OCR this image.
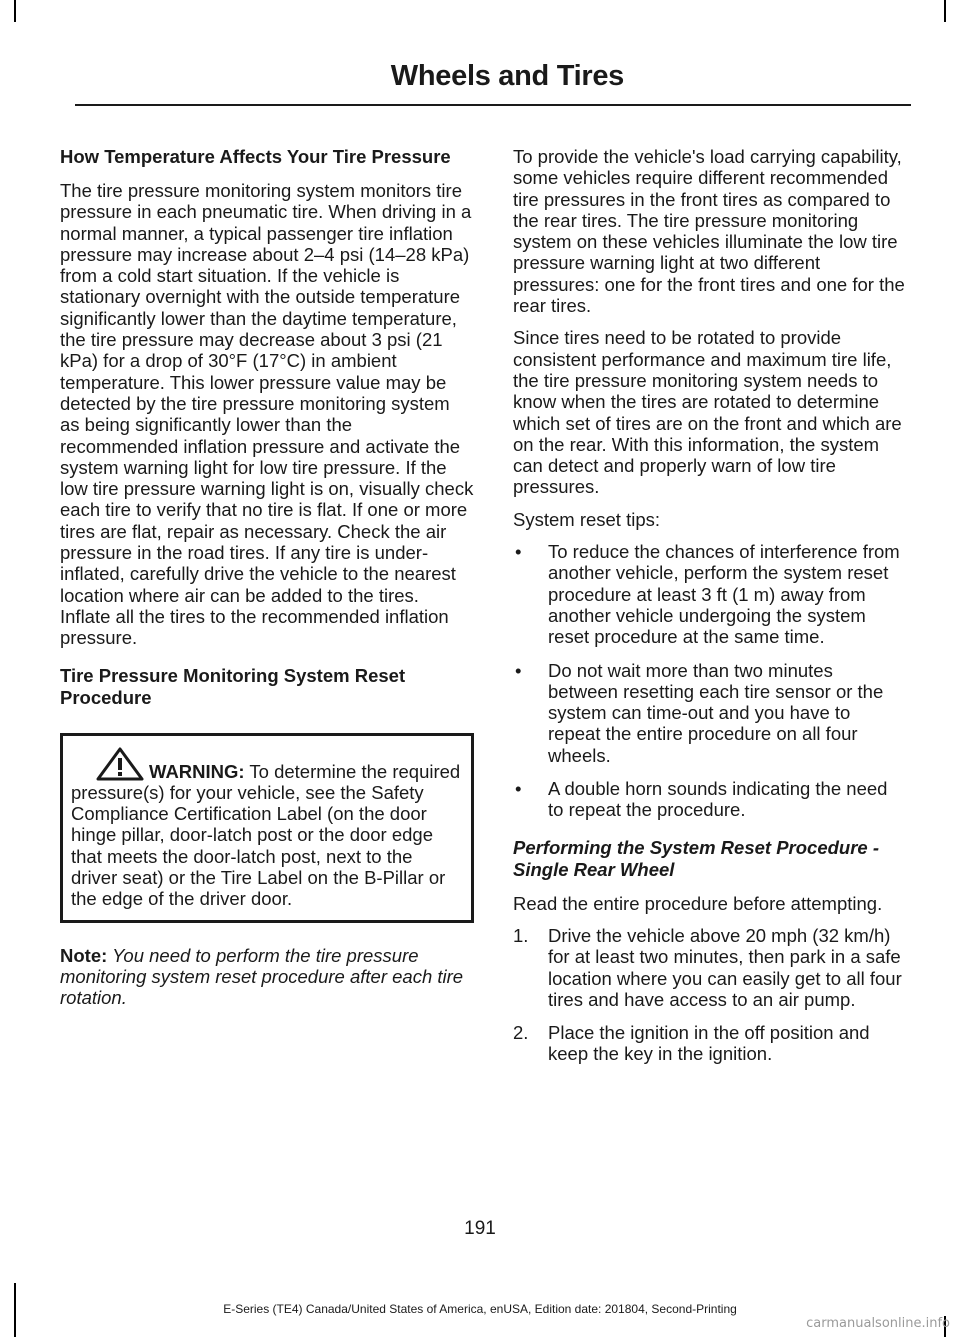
Wheels and Tires
How Temperature Affects Your Tire Pressure
The tire pressure monitoring system monitors tire pressure in each pneumatic tire. When driving in a normal manner, a typical passenger tire inflation pressure may increase about 2–4 psi (14–28 kPa) from a cold start situation. If the vehicle is stationary overnight with the outside temperature significantly lower than the daytime temperature, the tire pressure may decrease about 3 psi (21 kPa) for a drop of 30°F (17°C) in ambient temperature. This lower pressure value may be detected by the tire pressure monitoring system as being significantly lower than the recommended inflation pressure and activate the system warning light for low tire pressure. If the low tire pressure warning light is on, visually check each tire to verify that no tire is flat. If one or more tires are flat, repair as necessary. Check the air pressure in the road tires. If any tire is under-inflated, carefully drive the vehicle to the nearest location where air can be added to the tires. Inflate all the tires to the recommended inflation pressure.
Tire Pressure Monitoring System Reset Procedure
WARNING: To determine the required pressure(s) for your vehicle, see the Safety Compliance Certification Label (on the door hinge pillar, door-latch post or the door edge that meets the door-latch post, next to the driver seat) or the Tire Label on the B-Pillar or the edge of the driver door.
Note: You need to perform the tire pressure monitoring system reset procedure after each tire rotation.
To provide the vehicle's load carrying capability, some vehicles require different recommended tire pressures in the front tires as compared to the rear tires. The tire pressure monitoring system on these vehicles illuminate the low tire pressure warning light at two different pressures: one for the front tires and one for the rear tires.
Since tires need to be rotated to provide consistent performance and maximum tire life, the tire pressure monitoring system needs to know when the tires are rotated to determine which set of tires are on the front and which are on the rear. With this information, the system can detect and properly warn of low tire pressures.
System reset tips:
• To reduce the chances of interference from another vehicle, perform the system reset procedure at least 3 ft (1 m) away from another vehicle undergoing the system reset procedure at the same time.
• Do not wait more than two minutes between resetting each tire sensor or the system can time-out and you have to repeat the entire procedure on all four wheels.
• A double horn sounds indicating the need to repeat the procedure.
Performing the System Reset Procedure - Single Rear Wheel
Read the entire procedure before attempting.
1. Drive the vehicle above 20 mph (32 km/h) for at least two minutes, then park in a safe location where you can easily get to all four tires and have access to an air pump.
2. Place the ignition in the off position and keep the key in the ignition.
191
E-Series (TE4) Canada/United States of America, enUSA, Edition date: 201804, Second-Printing
carmanualsonline.info
